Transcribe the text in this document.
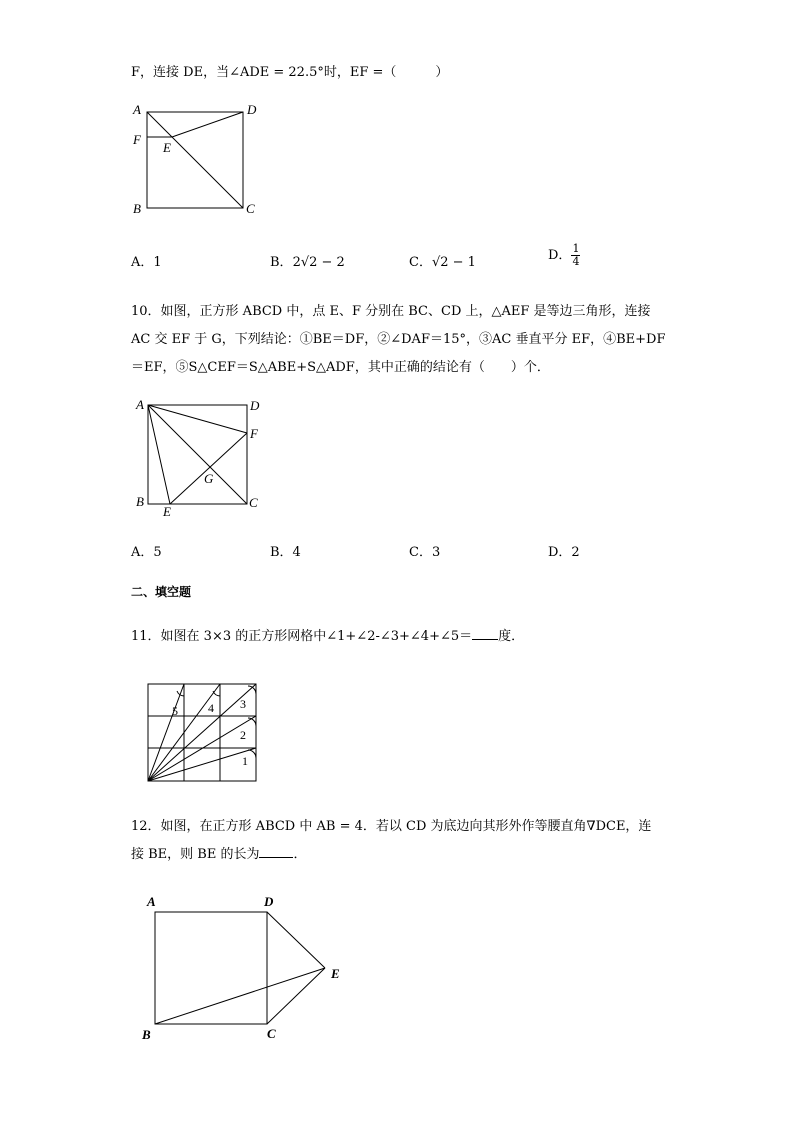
F，连接 DE，当∠ADE = 22.5°时，EF =（　　　）
A	D
F
E
B	C
A．1	B．2√2 − 2	C．√2 − 1	D． $\frac{1}{4}$
10．如图，正方形 ABCD 中，点 E、F 分别在 BC、CD 上，△AEF 是等边三角形，连接
AC 交 EF 于 G，下列结论：①BE＝DF，②∠DAF＝15°，③AC 垂直平分 EF，④BE+DF
＝EF，⑤S△CEF＝S△ABE+S△ADF，其中正确的结论有（　　）个．
A	D
F
G
B
E
C
A．5	B．4	C．3	D．2
二、填空题
11．如图在 3×3 的正方形网格中∠1+∠2-∠3+∠4+∠5＝ 度．
5	4 3
2
1
12．如图，在正方形 ABCD 中 AB = 4．若以 CD 为底边向其形外作等腰直角∇DCE，连
接 BE，则 BE 的长为	．
A	D
E
B	C
